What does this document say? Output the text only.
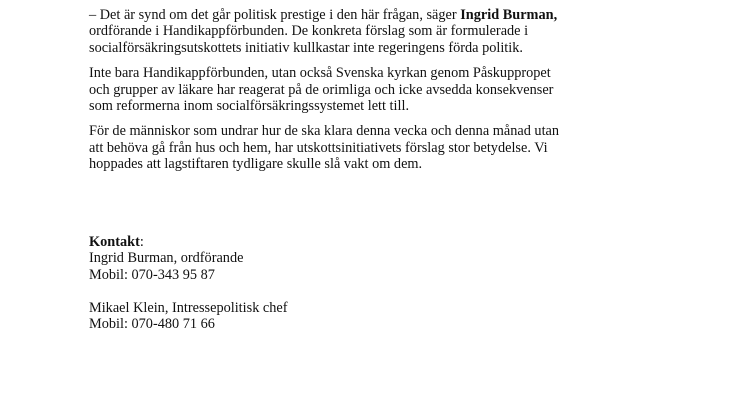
– Det är synd om det går politisk prestige i den här frågan, säger Ingrid Burman,
ordförande i Handikappförbunden. De konkreta förslag som är formulerade i
socialförsäkringsutskottets initiativ kullkastar inte regeringens förda politik.

Inte bara Handikappförbunden, utan också Svenska kyrkan genom Påskuppropet
och grupper av läkare har reagerat på de orimliga och icke avsedda konsekvenser
som reformerna inom socialförsäkringssystemet lett till.

För de människor som undrar hur de ska klara denna vecka och denna månad utan
att behöva gå från hus och hem, har utskottsinitiativets förslag stor betydelse. Vi
hoppades att lagstiftaren tydligare skulle slå vakt om dem.

Kontakt:
Ingrid Burman, ordförande
Mobil: 070-343 95 87
Mikael Klein, Intressepolitisk chef
Mobil: 070-480 71 66
